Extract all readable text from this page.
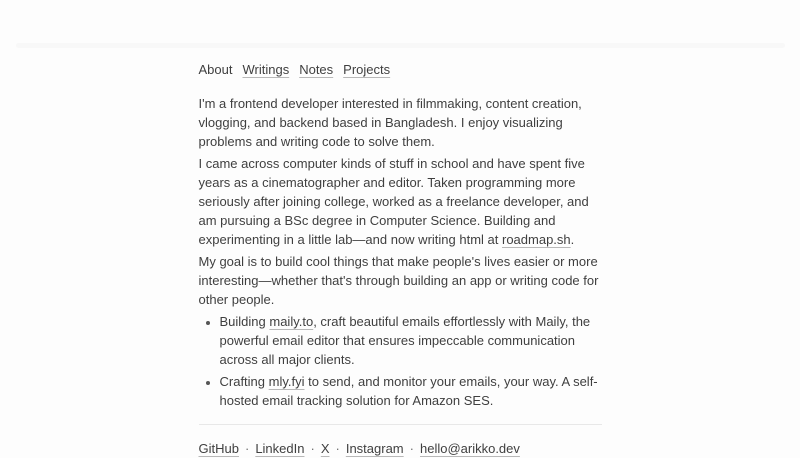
About Writings Notes Projects

I'm a frontend developer interested in filmmaking, content creation, vlogging, and backend based in Bangladesh. I enjoy visualizing problems and writing code to solve them.

I came across computer kinds of stuff in school and have spent five years as a cinematographer and editor. Taken programming more seriously after joining college, worked as a freelance developer, and am pursuing a BSc degree in Computer Science. Building and experimenting in a little lab—and now writing html at roadmap.sh.

My goal is to build cool things that make people's lives easier or more interesting—whether that's through building an app or writing code for other people.

• Building maily.to, craft beautiful emails effortlessly with Maily, the powerful email editor that ensures impeccable communication across all major clients.
• Crafting mly.fyi to send, and monitor your emails, your way. A self-hosted email tracking solution for Amazon SES.
GitHub · LinkedIn · X · Instagram · hello@arikko.dev
